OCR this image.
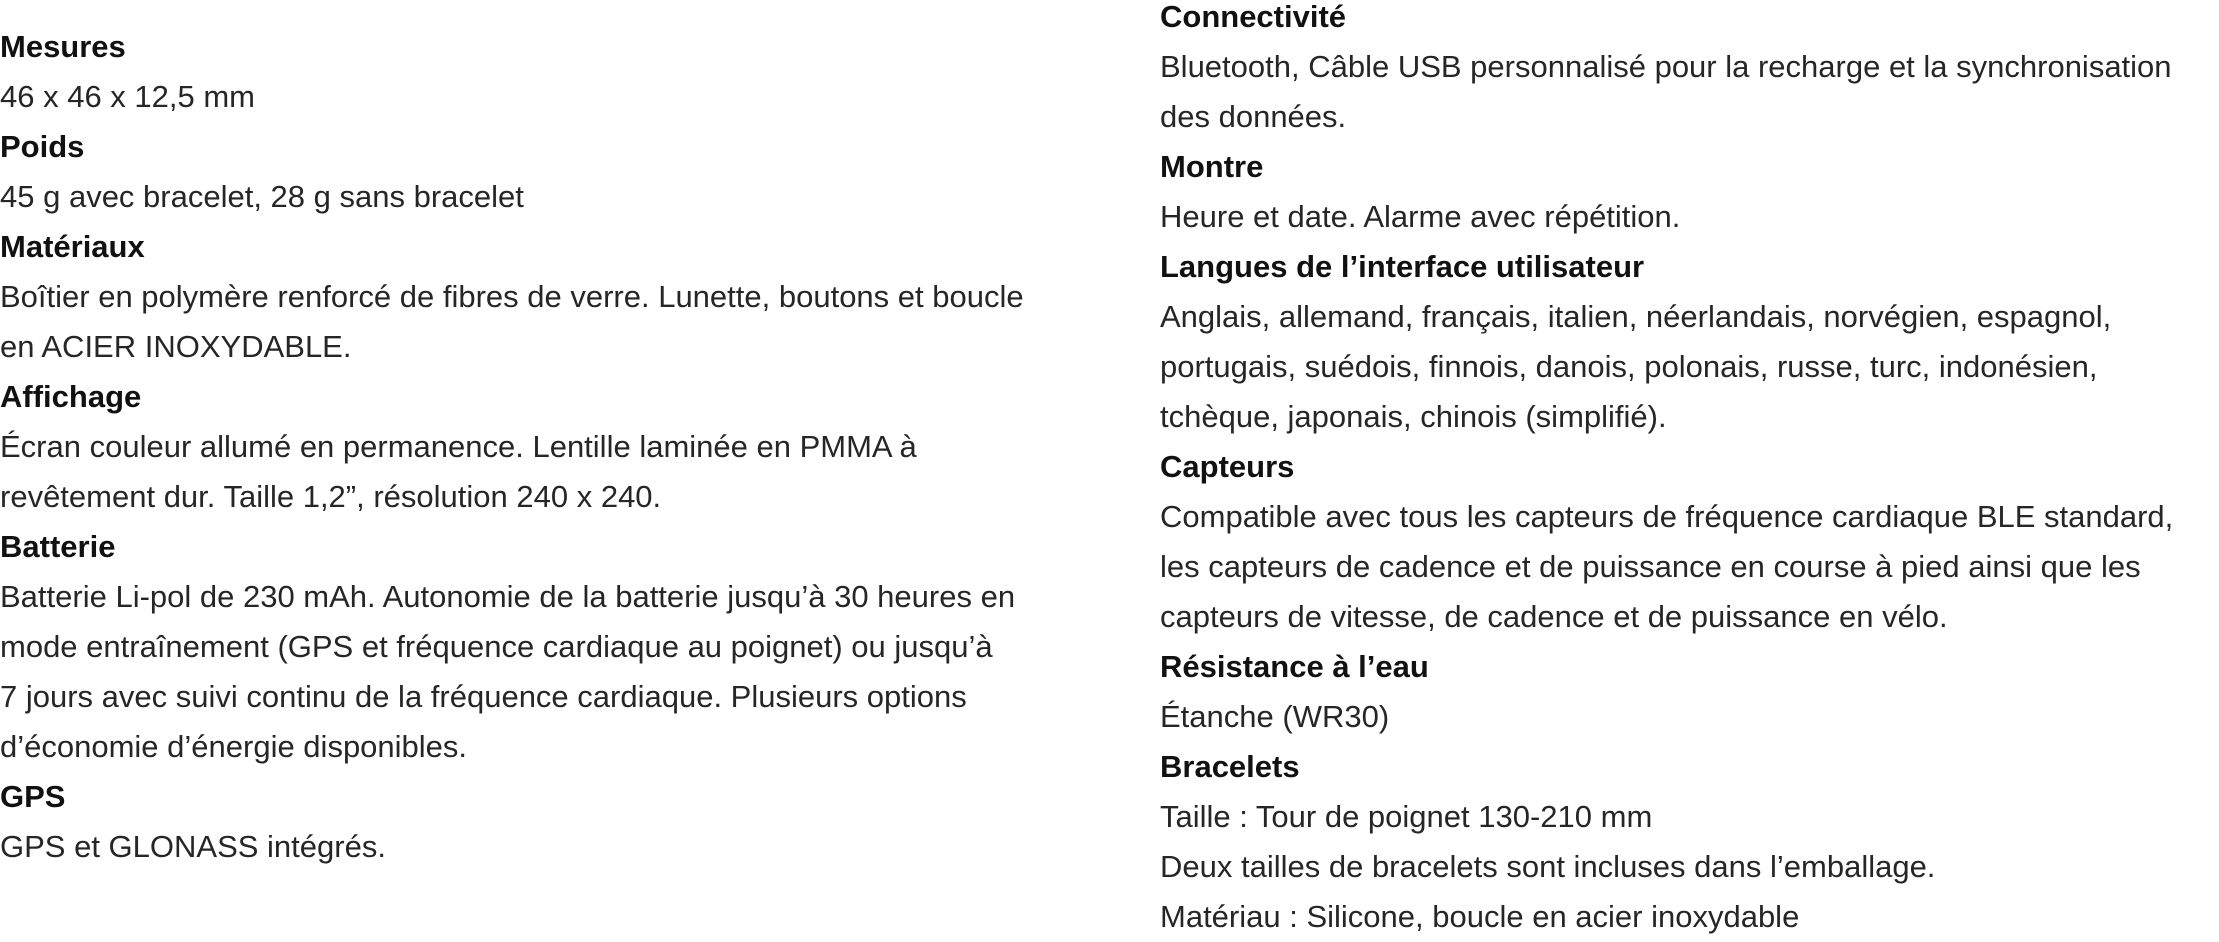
Mesures
46 x 46 x 12,5 mm
Poids
45 g avec bracelet, 28 g sans bracelet
Matériaux
Boîtier en polymère renforcé de fibres de verre. Lunette, boutons et boucle
en ACIER INOXYDABLE.
Affichage
Écran couleur allumé en permanence. Lentille laminée en PMMA à
revêtement dur. Taille 1,2”, résolution 240 x 240.
Batterie
Batterie Li-pol de 230 mAh. Autonomie de la batterie jusqu’à 30 heures en
mode entraînement (GPS et fréquence cardiaque au poignet) ou jusqu’à
7 jours avec suivi continu de la fréquence cardiaque. Plusieurs options
d’économie d’énergie disponibles.
GPS
GPS et GLONASS intégrés.
Connectivité
Bluetooth, Câble USB personnalisé pour la recharge et la synchronisation
des données.
Montre
Heure et date. Alarme avec répétition.
Langues de l’interface utilisateur
Anglais, allemand, français, italien, néerlandais, norvégien, espagnol,
portugais, suédois, finnois, danois, polonais, russe, turc, indonésien,
tchèque, japonais, chinois (simplifié).
Capteurs
Compatible avec tous les capteurs de fréquence cardiaque BLE standard,
les capteurs de cadence et de puissance en course à pied ainsi que les
capteurs de vitesse, de cadence et de puissance en vélo.
Résistance à l’eau
Étanche (WR30)
Bracelets
Taille : Tour de poignet 130-210 mm
Deux tailles de bracelets sont incluses dans l’emballage.
Matériau : Silicone, boucle en acier inoxydable
